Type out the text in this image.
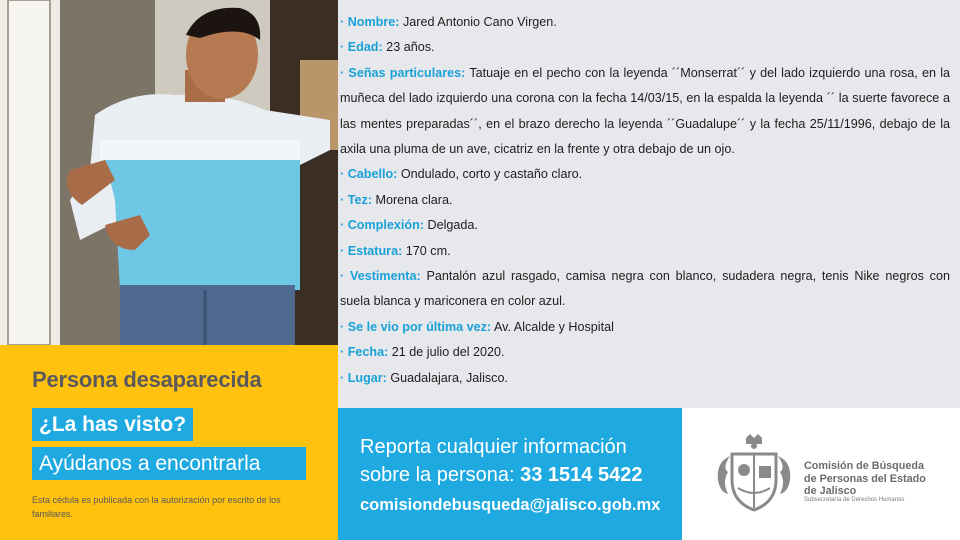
· Nombre: Jared Antonio Cano Virgen.

· Edad: 23 años.

· Señas particulares: Tatuaje en el pecho con la leyenda ´´Monserrat´´ y del lado izquierdo una rosa, en la muñeca del lado izquierdo una corona con la fecha 14/03/15, en la espalda la leyenda ´´ la suerte favorece a las mentes preparadas´´, en el brazo derecho la leyenda ´´Guadalupe´´ y la fecha 25/11/1996, debajo de la axila una pluma de un ave, cicatriz en la frente y otra debajo de un ojo.

· Cabello: Ondulado, corto y castaño claro.

· Tez: Morena clara.

· Complexión: Delgada.

· Estatura: 170 cm.

· Vestimenta: Pantalón azul rasgado, camisa negra con blanco, sudadera negra, tenis Nike negros con suela blanca y mariconera en color azul.

· Se le vio por última vez: Av. Alcalde y Hospital

· Fecha: 21 de julio del 2020.

· Lugar: Guadalajara, Jalisco.

Persona desaparecida
¿La has visto?
Ayúdanos a encontrarla
Esta cédula es publicada con la autorización por escrito de los familiares.
Reporta cualquier información
sobre la persona: 33 1514 5422
comisiondebusqueda@jalisco.gob.mx
Comisión de Búsqueda
de Personas del Estado
de Jalisco
Subsecretaría de Derechos Humanos
